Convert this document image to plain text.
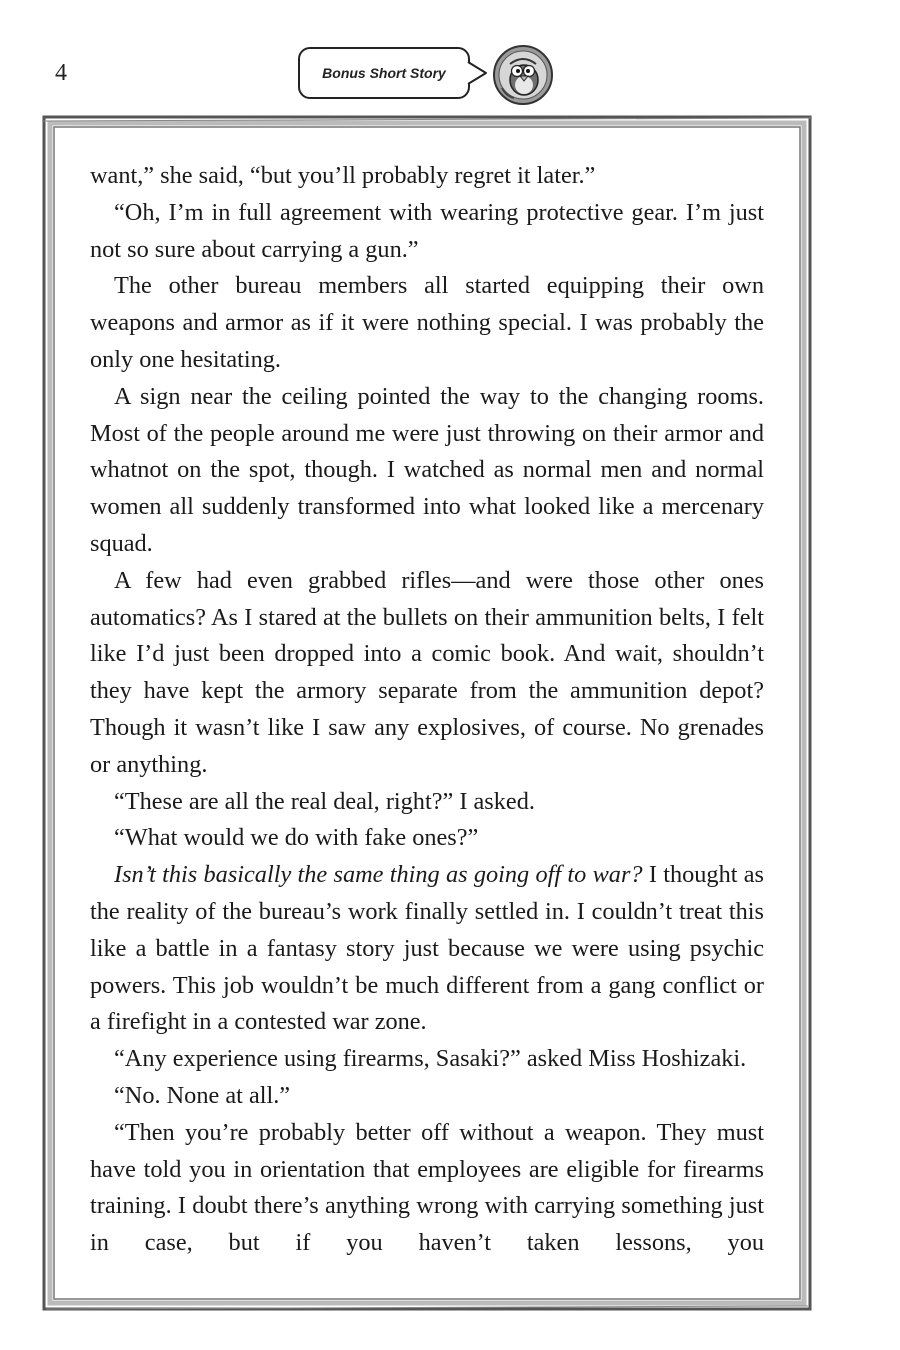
4	Bonus Short Story

want,” she said, “but you’ll probably regret it later.”

“Oh, I’m in full agreement with wearing protective gear. I’m just not so sure about carrying a gun.”

The other bureau members all started equipping their own weapons and armor as if it were nothing special. I was probably the only one hesitating.

A sign near the ceiling pointed the way to the changing rooms. Most of the people around me were just throwing on their armor and whatnot on the spot, though. I watched as normal men and normal women all suddenly transformed into what looked like a mercenary squad.

A few had even grabbed rifles—and were those other ones automatics? As I stared at the bullets on their ammunition belts, I felt like I’d just been dropped into a comic book. And wait, shouldn’t they have kept the armory separate from the ammunition depot? Though it wasn’t like I saw any explosives, of course. No grenades or anything.

“These are all the real deal, right?” I asked.

“What would we do with fake ones?”

Isn’t this basically the same thing as going off to war? I thought as the reality of the bureau’s work finally settled in. I couldn’t treat this like a battle in a fantasy story just because we were using psychic powers. This job wouldn’t be much different from a gang conflict or a firefight in a contested war zone.

“Any experience using firearms, Sasaki?” asked Miss Hoshizaki.

“No. None at all.”

“Then you’re probably better off without a weapon. They must have told you in orientation that employees are eligible for firearms training. I doubt there’s anything wrong with carrying something just in case, but if you haven’t taken lessons, you
